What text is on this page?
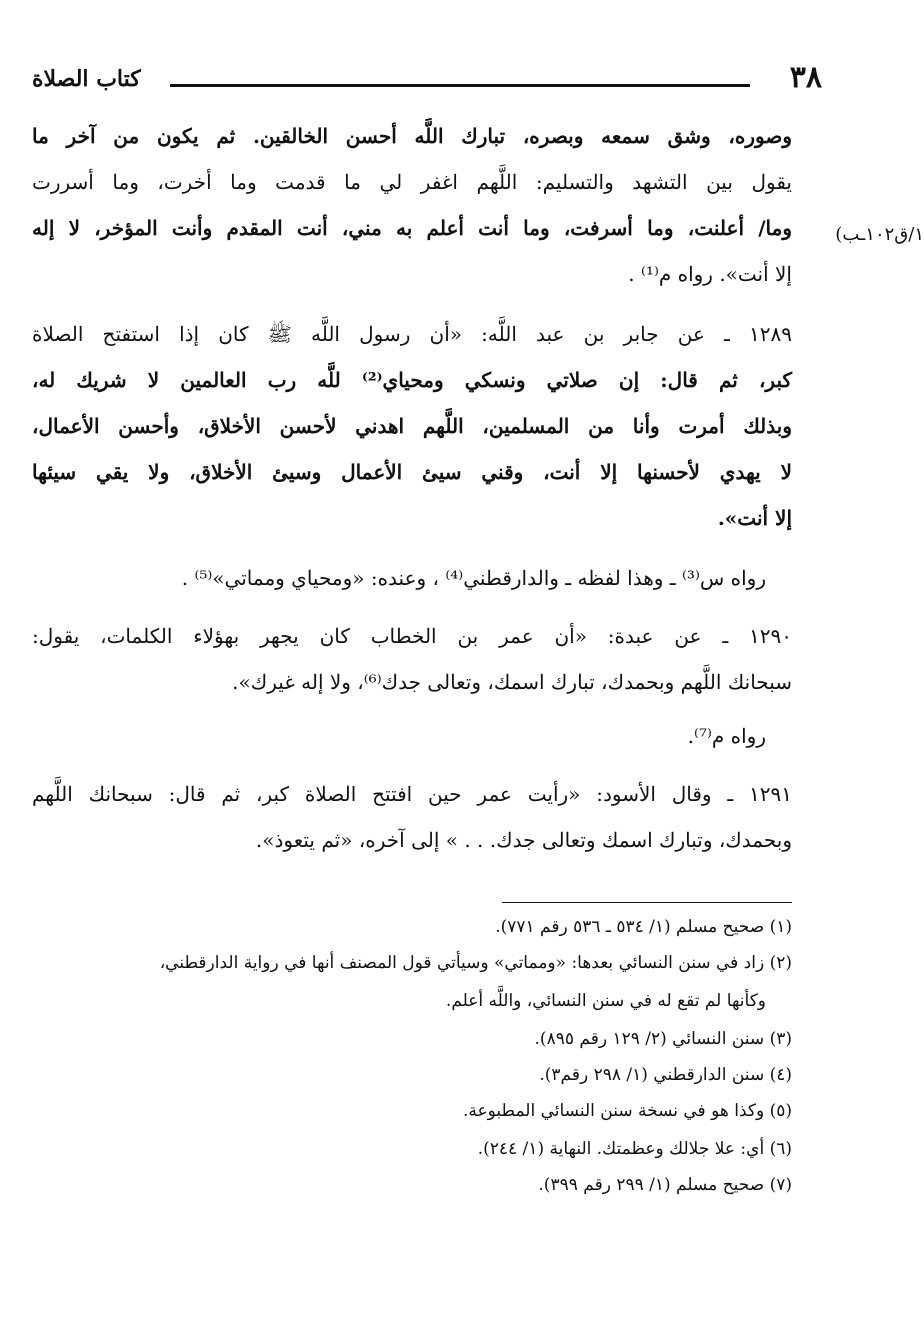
٣٨
كتاب الصلاة
١/ق١٠٢ـب)
وصوره، وشق سمعه وبصره، تبارك اللَّه أحسن الخالقين. ثم يكون من آخر ما
يقول بين التشهد والتسليم: اللَّهم اغفر لي ما قدمت وما أخرت، وما أسررت
وما/ أعلنت، وما أسرفت، وما أنت أعلم به مني، أنت المقدم وأنت المؤخر، لا إله
إلا أنت». رواه م⁽¹⁾ .
١٢٨٩ ـ عن جابر بن عبد اللَّه: «أن رسول اللَّه ﷺ كان إذا استفتح الصلاة
كبر، ثم قال: إن صلاتي ونسكي ومحياي⁽²⁾ للَّه رب العالمين لا شريك له،
وبذلك أمرت وأنا من المسلمين، اللَّهم اهدني لأحسن الأخلاق، وأحسن الأعمال،
لا يهدي لأحسنها إلا أنت، وقني سيئ الأعمال وسيئ الأخلاق، ولا يقي سيئها
إلا أنت».
رواه س⁽³⁾ ـ وهذا لفظه ـ والدارقطني⁽⁴⁾ ، وعنده: «ومحياي ومماتي»⁽⁵⁾ .
١٢٩٠ ـ عن عبدة: «أن عمر بن الخطاب كان يجهر بهؤلاء الكلمات، يقول:
سبحانك اللَّهم وبحمدك، تبارك اسمك، وتعالى جدك⁽⁶⁾، ولا إله غيرك».
رواه م⁽⁷⁾.
١٢٩١ ـ وقال الأسود: «رأيت عمر حين افتتح الصلاة كبر، ثم قال: سبحانك اللَّهم
وبحمدك، وتبارك اسمك وتعالى جدك. . . » إلى آخره، «ثم يتعوذ».
(١) صحيح مسلم (١/ ٥٣٤ ـ ٥٣٦ رقم ٧٧١).
(٢) زاد في سنن النسائي بعدها: «ومماتي» وسيأتي قول المصنف أنها في رواية الدارقطني،
وكأنها لم تقع له في سنن النسائي، واللَّه أعلم.
(٣) سنن النسائي (٢/ ١٢٩ رقم ٨٩٥).
(٤) سنن الدارقطني (١/ ٢٩٨ رقم٣).
(٥) وكذا هو في نسخة سنن النسائي المطبوعة.
(٦) أي: علا جلالك وعظمتك. النهاية (١/ ٢٤٤).
(٧) صحيح مسلم (١/ ٢٩٩ رقم ٣٩٩).
